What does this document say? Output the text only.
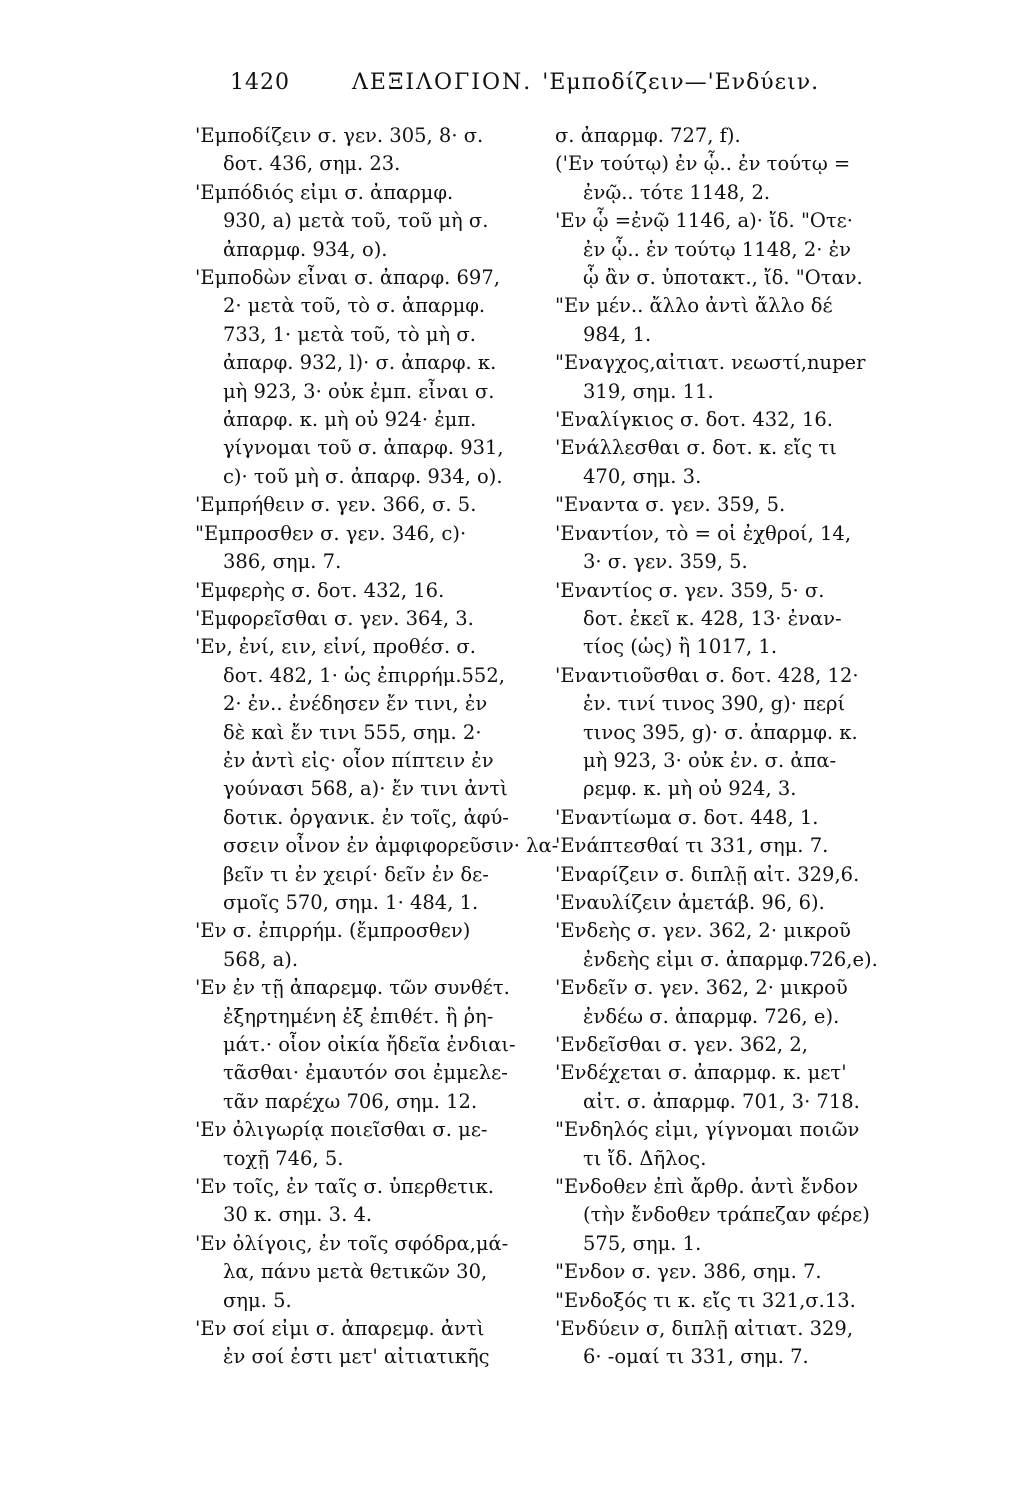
1420	ΛΕΞΙΛΟΓΙΟΝ. 'Εμποδίζειν—'Ενδύειν.
'Εμποδίζειν σ. γεν. 305, 8· σ.
δοτ. 436, σημ. 23.
'Εμπόδιός εἰμι σ. ἀπαρμφ.
930, a) μετὰ τοῦ, τοῦ μὴ σ.
ἀπαρμφ. 934, o).
'Εμποδὼν εἶναι σ. ἀπαρφ. 697,
2· μετὰ τοῦ, τὸ σ. ἀπαρμφ.
733, 1· μετὰ τοῦ, τὸ μὴ σ.
ἀπαρφ. 932, l)· σ. ἀπαρφ. κ.
μὴ 923, 3· οὐκ ἐμπ. εἶναι σ.
ἀπαρφ. κ. μὴ οὐ 924· ἐμπ.
γίγνομαι τοῦ σ. ἀπαρφ. 931,
c)· τοῦ μὴ σ. ἀπαρφ. 934, o).
'Εμπρήθειν σ. γεν. 366, σ. 5.
"Εμπροσθεν σ. γεν. 346, c)·
386, σημ. 7.
'Εμφερὴς σ. δοτ. 432, 16.
'Εμφορεῖσθαι σ. γεν. 364, 3.
'Εν, ἐνί, ειν, εἰνί, προθέσ. σ.
δοτ. 482, 1· ὡς ἐπιρρήμ.552,
2· ἐν.. ἐνέδησεν ἔν τινι, ἐν
δὲ καὶ ἔν τινι 555, σημ. 2·
ἐν ἀντὶ εἰς· οἷον πίπτειν ἐν
γούνασι 568, a)· ἔν τινι ἀντὶ
δοτικ. ὀργανικ. ἐν τοῖς, ἀφύ-
σσειν οἶνον ἐν ἀμφιφορεῦσιν· λα-
βεῖν τι ἐν χειρί· δεῖν ἐν δε-
σμοῖς 570, σημ. 1· 484, 1.
'Εν σ. ἐπιρρήμ. (ἔμπροσθεν)
568, a).
'Εν ἐν τῇ ἀπαρεμφ. τῶν συνθέτ.
ἐξηρτημένη ἐξ ἐπιθέτ. ἢ ῥη-
μάτ.· οἷον οἰκία ἤδεῖα ἐνδιαι-
τᾶσθαι· ἐμαυτόν σοι ἐμμελε-
τᾶν παρέχω 706, σημ. 12.
'Εν ὀλιγωρίᾳ ποιεῖσθαι σ. με-
τοχῇ 746, 5.
'Εν τοῖς, ἐν ταῖς σ. ὑπερθετικ.
30 κ. σημ. 3. 4.
'Εν ὀλίγοις, ἐν τοῖς σφόδρα,μά-
λα, πάνυ μετὰ θετικῶν 30,
σημ. 5.
'Εν σοί εἰμι σ. ἀπαρεμφ. ἀντὶ
ἐν σοί ἐστι μετ' αἰτιατικῆς
σ. ἀπαρμφ. 727, f).
('Εν τούτῳ) ἐν ᾧ.. ἐν τούτῳ =
ἐνῷ.. τότε 1148, 2.
'Εν ᾧ =ἐνῷ 1146, a)· ἴδ. "Οτε·
ἐν ᾧ.. ἐν τούτῳ 1148, 2· ἐν
ᾧ ἂν σ. ὑποτακτ., ἴδ. "Οταν.
"Εν μέν.. ἄλλο ἀντὶ ἄλλο δέ
984, 1.
"Εναγχος,αἰτιατ. νεωστί,nuper
319, σημ. 11.
'Εναλίγκιος σ. δοτ. 432, 16.
'Ενάλλεσθαι σ. δοτ. κ. εἴς τι
470, σημ. 3.
"Εναντα σ. γεν. 359, 5.
'Εναντίον, τὸ = οἱ ἐχθροί, 14,
3· σ. γεν. 359, 5.
'Εναντίος σ. γεν. 359, 5· σ.
δοτ. ἐκεῖ κ. 428, 13· ἐναν-
τίος (ὡς) ἢ 1017, 1.
'Εναντιοῦσθαι σ. δοτ. 428, 12·
ἐν. τινί τινος 390, g)· περί
τινος 395, g)· σ. ἀπαρμφ. κ.
μὴ 923, 3· οὐκ ἐν. σ. ἀπα-
ρεμφ. κ. μὴ οὐ 924, 3.
'Εναντίωμα σ. δοτ. 448, 1.
'Ενάπτεσθαί τι 331, σημ. 7.
'Εναρίζειν σ. διπλῇ αἰτ. 329,6.
'Εναυλίζειν ἀμετάβ. 96, 6).
'Ενδεὴς σ. γεν. 362, 2· μικροῦ
ἐνδεὴς εἰμι σ. ἀπαρμφ.726,e).
'Ενδεῖν σ. γεν. 362, 2· μικροῦ
ἐνδέω σ. ἀπαρμφ. 726, e).
'Ενδεῖσθαι σ. γεν. 362, 2,
'Ενδέχεται σ. ἀπαρμφ. κ. μετ'
αἰτ. σ. ἀπαρμφ. 701, 3· 718.
"Ενδηλός εἰμι, γίγνομαι ποιῶν
τι ἴδ. Δῆλος.
"Ενδοθεν ἐπὶ ἄρθρ. ἀντὶ ἔνδον
(τὴν ἔνδοθεν τράπεζαν φέρε)
575, σημ. 1.
"Ενδον σ. γεν. 386, σημ. 7.
"Ενδοξός τι κ. εἴς τι 321,σ.13.
'Ενδύειν σ, διπλῇ αἰτιατ. 329,
6· -ομαί τι 331, σημ. 7.
